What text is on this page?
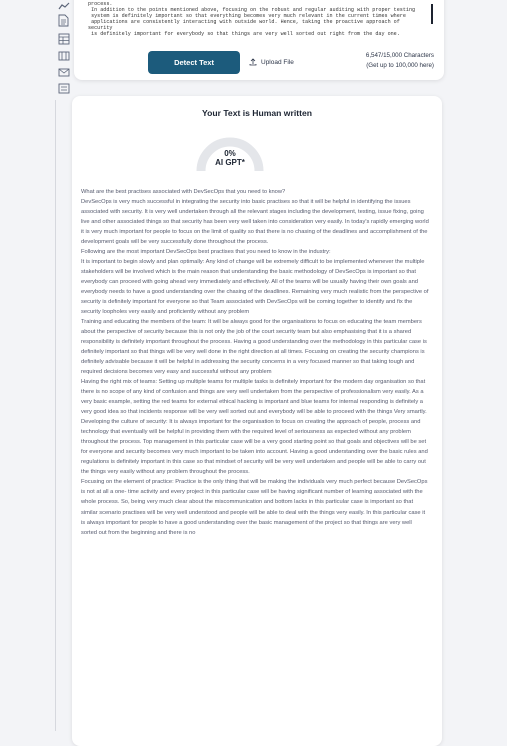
process.
In addition to the points mentioned above, focusing on the robust and regular auditing with proper testing
system is definitely important so that everything becomes very much relevant in the current times where
applications are consistently interacting with outside world. Hence, taking the proactive approach of security
is definitely important for everybody so that things are very well sorted out right from the day one.
Detect Text	Upload File
6,547/15,000 Characters
(Get up to 100,000 here)
Your Text is Human written
0%
AI GPT*

What are the best practises associated with DevSecOps that you need to know?

DevSecOps is very much successful in integrating the security into basic practises so that it will be helpful in identifying the issues associated with security. It is very well undertaken through all the relevant stages including the development, testing, issue fixing, going live and other associated things so that security has been very well taken into consideration very easily. In today's rapidly emerging world it is very much important for people to focus on the limit of quality so that there is no chasing of the deadlines and accomplishment of the development goals will be very successfully done throughout the process.

Following are the most important DevSecOps best practises that you need to know in the industry:

It is important to begin slowly and plan optimally: Any kind of change will be extremely difficult to be implemented whenever the multiple stakeholders will be involved which is the main reason that understanding the basic methodology of DevSecOps is important so that everybody can proceed with going ahead very immediately and effectively. All of the teams will be usually having their own goals and everybody needs to have a good understanding over the chasing of the deadlines. Remaining very much realistic from the perspective of security is definitely important for everyone so that Team associated with DevSecOps will be coming together to identify and fix the security loopholes very easily and proficiently without any problem

Training and educating the members of the team: It will be always good for the organisations to focus on educating the team members about the perspective of security because this is not only the job of the court security team but also emphasising that it is a shared responsibility is definitely important throughout the process. Having a good understanding over the methodology in this particular case is definitely important so that things will be very well done in the right direction at all times. Focusing on creating the security champions is definitely advisable because it will be helpful in addressing the security concerns in a very focused manner so that taking tough and required decisions becomes very easy and successful without any problem

Having the right mix of teams: Setting up multiple teams for multiple tasks is definitely important for the modern day organisation so that there is no scope of any kind of confusion and things are very well undertaken from the perspective of professionalism very easily. As a very basic example, setting the red teams for external ethical hacking is important and blue teams for internal responding is definitely a very good idea so that incidents response will be very well sorted out and everybody will be able to proceed with the things Very smartly.

Developing the culture of security: It is always important for the organisation to focus on creating the approach of people, process and technology that eventually will be helpful in providing them with the required level of seriousness as expected without any problem throughout the process. Top management in this particular case will be a very good starting point so that goals and objectives will be set for everyone and security becomes very much important to be taken into account. Having a good understanding over the basic rules and regulations is definitely important in this case so that mindset of security will be very well undertaken and people will be able to carry out the things very easily without any problem throughout the process.

Focusing on the element of practice: Practice is the only thing that will be making the individuals very much perfect because DevSecOps is not at all a one- time activity and every project in this particular case will be having significant number of learning associated with the whole process. So, being very much clear about the miscommunication and bottom lacks in this particular case is important so that similar scenario practises will be very well understood and people will be able to deal with the things very easily. In this particular case it is always important for people to have a good understanding over the basic management of the project so that things are very well sorted out from the beginning and there is no
